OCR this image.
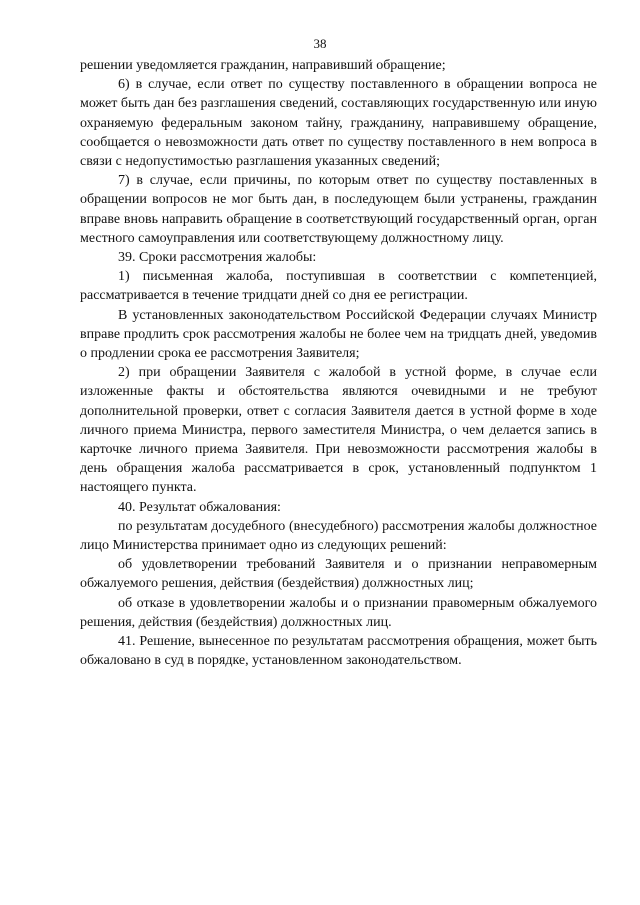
38

решении уведомляется гражданин, направивший обращение;

6) в случае, если ответ по существу поставленного в обращении вопроса не может быть дан без разглашения сведений, составляющих государственную или иную охраняемую федеральным законом тайну, гражданину, направившему обращение, сообщается о невозможности дать ответ по существу поставленного в нем вопроса в связи с недопустимостью разглашения указанных сведений;

7) в случае, если причины, по которым ответ по существу поставленных в обращении вопросов не мог быть дан, в последующем были устранены, гражданин вправе вновь направить обращение в соответствующий государственный орган, орган местного самоуправления или соответствующему должностному лицу.

39. Сроки рассмотрения жалобы:

1) письменная жалоба, поступившая в соответствии с компетенцией, рассматривается в течение тридцати дней со дня ее регистрации.

В установленных законодательством Российской Федерации случаях Министр вправе продлить срок рассмотрения жалобы не более чем на тридцать дней, уведомив о продлении срока ее рассмотрения Заявителя;

2) при обращении Заявителя с жалобой в устной форме, в случае если изложенные факты и обстоятельства являются очевидными и не требуют дополнительной проверки, ответ с согласия Заявителя дается в устной форме в ходе личного приема Министра, первого заместителя Министра, о чем делается запись в карточке личного приема Заявителя. При невозможности рассмотрения жалобы в день обращения жалоба рассматривается в срок, установленный подпунктом 1 настоящего пункта.

40. Результат обжалования:

по результатам досудебного (внесудебного) рассмотрения жалобы должностное лицо Министерства принимает одно из следующих решений:

об удовлетворении требований Заявителя и о признании неправомерным обжалуемого решения, действия (бездействия) должностных лиц;

об отказе в удовлетворении жалобы и о признании правомерным обжалуемого решения, действия (бездействия) должностных лиц.

41. Решение, вынесенное по результатам рассмотрения обращения, может быть обжаловано в суд в порядке, установленном законодательством.
